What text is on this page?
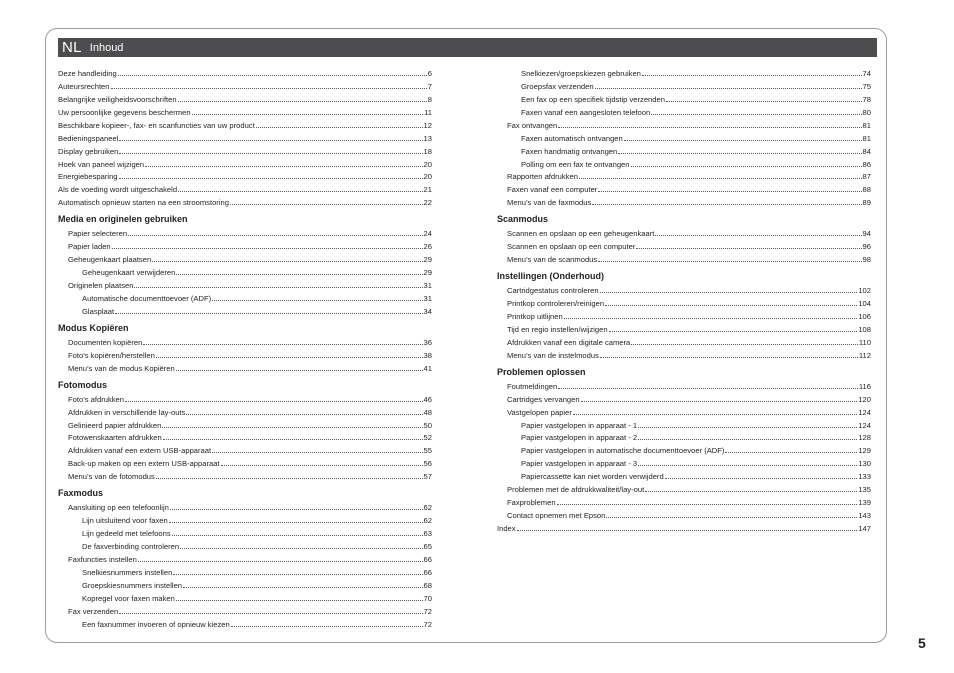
NL Inhoud
Deze handleiding	6
Auteursrechten	7
Belangrijke veiligheidsvoorschriften	8
Uw persoonlijke gegevens beschermen	11
Beschikbare kopieer-, fax- en scanfuncties van uw product	12
Bedieningspaneel	13
Display gebruiken	18
Hoek van paneel wijzigen	20
Energiebesparing	20
Als de voeding wordt uitgeschakeld	21
Automatisch opnieuw starten na een stroomstoring	22
Media en originelen gebruiken
Papier selecteren	24
Papier laden	26
Geheugenkaart plaatsen	29
Geheugenkaart verwijderen	29
Originelen plaatsen	31
Automatische documenttoevoer (ADF)	31
Glasplaat	34
Modus Kopiëren
Documenten kopiëren	36
Foto’s kopiëren/herstellen	38
Menu’s van de modus Kopiëren	41
Fotomodus
Foto’s afdrukken	46
Afdrukken in verschillende lay-outs	48
Gelinieerd papier afdrukken	50
Fotowenskaarten afdrukken	52
Afdrukken vanaf een extern USB-apparaat	55
Back-up maken op een extern USB-apparaat	56
Menu’s van de fotomodus	57
Faxmodus
Aansluiting op een telefoonlijn	62
Lijn uitsluitend voor faxen	62
Lijn gedeeld met telefoons	63
De faxverbinding controleren	65
Faxfuncties instellen	66
Snelkiesnummers instellen	66
Groepskiesnummers instellen	68
Kopregel voor faxen maken	70
Fax verzenden	72
Een faxnummer invoeren of opnieuw kiezen	72
Snelkiezen/groepskiezen gebruiken	74
Groepsfax verzenden	75
Een fax op een specifiek tijdstip verzenden	78
Faxen vanaf een aangesloten telefoon	80
Fax ontvangen	81
Faxen automatisch ontvangen	81
Faxen handmatig ontvangen	84
Polling om een fax te ontvangen	86
Rapporten afdrukken	87
Faxen vanaf een computer	88
Menu’s van de faxmodus	89
Scanmodus
Scannen en opslaan op een geheugenkaart	94
Scannen en opslaan op een computer	96
Menu’s van de scanmodus	98
Instellingen (Onderhoud)
Cartridgestatus controleren	102
Printkop controleren/reinigen	104
Printkop uitlijnen	106
Tijd en regio instellen/wijzigen	108
Afdrukken vanaf een digitale camera	110
Menu’s van de instelmodus	112
Problemen oplossen
Foutmeldingen	116
Cartridges vervangen	120
Vastgelopen papier	124
Papier vastgelopen in apparaat - 1	124
Papier vastgelopen in apparaat - 2	128
Papier vastgelopen in automatische documenttoevoer (ADF)	129
Papier vastgelopen in apparaat - 3	130
Papiercassette kan niet worden verwijderd	133
Problemen met de afdrukkwaliteit/lay-out	135
Faxproblemen	139
Contact opnemen met Epson	143
Index	147
5
